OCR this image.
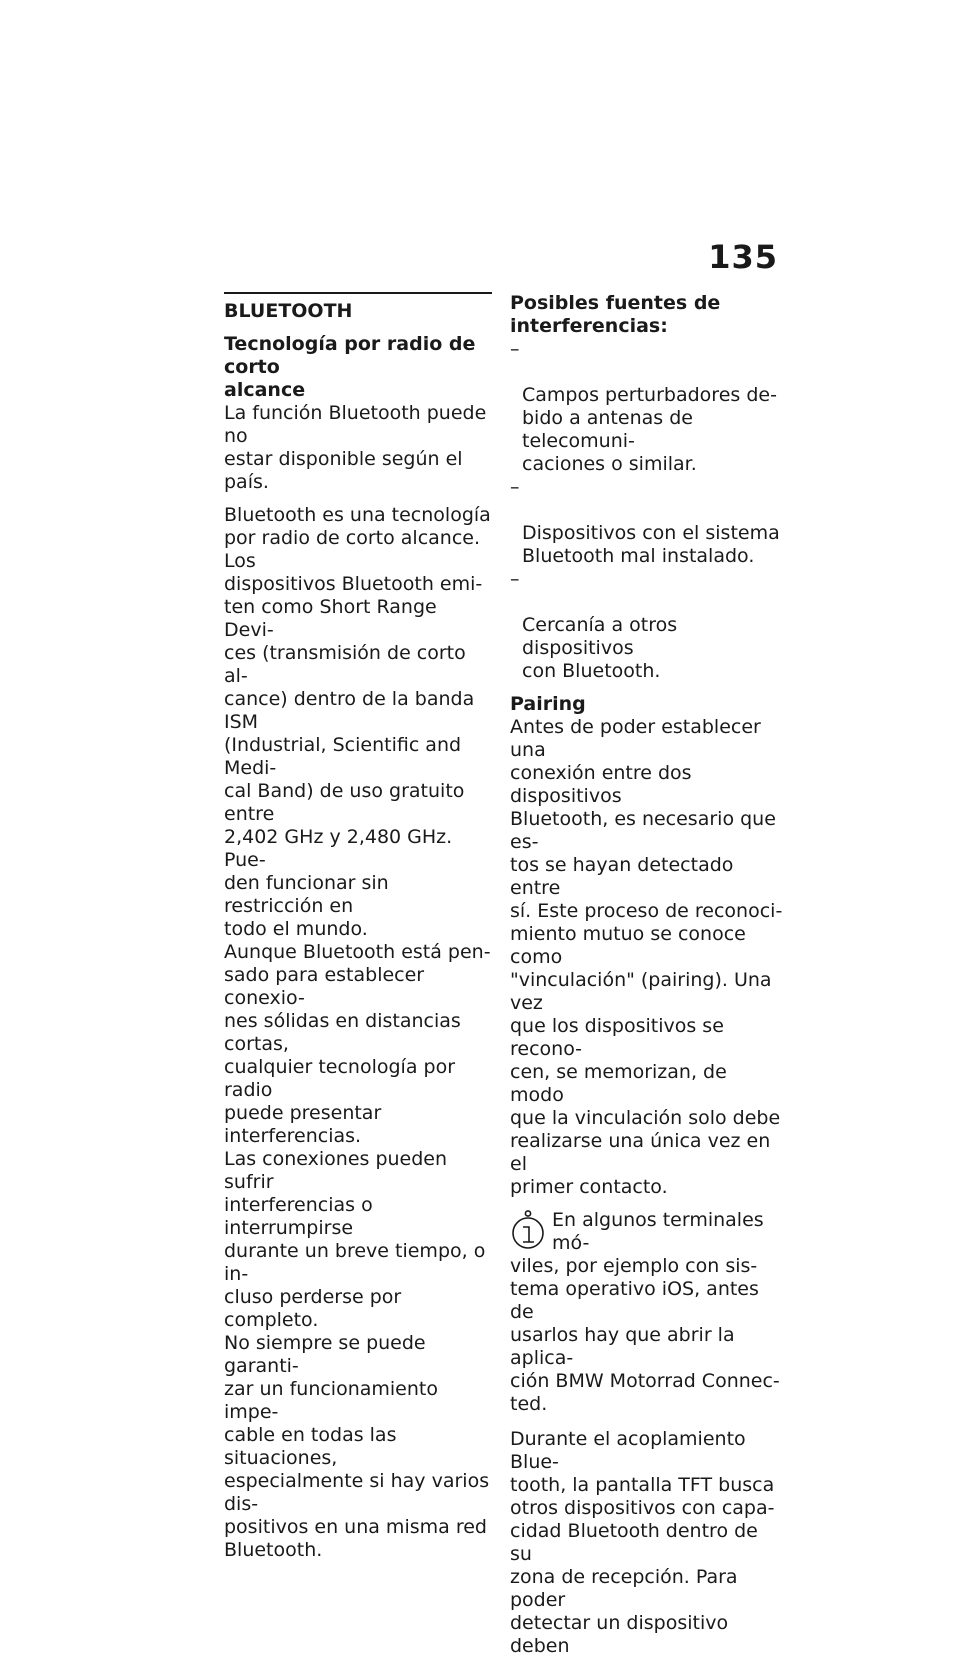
135
BLUETOOTH
Tecnología por radio de corto
alcance

La función Bluetooth puede no
estar disponible según el país.

Bluetooth es una tecnología
por radio de corto alcance. Los
dispositivos Bluetooth emi-
ten como Short Range Devi-
ces (transmisión de corto al-
cance) dentro de la banda ISM
(Industrial, Scientific and Medi-
cal Band) de uso gratuito entre
2,402 GHz y 2,480 GHz. Pue-
den funcionar sin restricción en
todo el mundo.

Aunque Bluetooth está pen-
sado para establecer conexio-
nes sólidas en distancias cortas,
cualquier tecnología por radio
puede presentar interferencias.
Las conexiones pueden sufrir
interferencias o interrumpirse
durante un breve tiempo, o in-
cluso perderse por completo.
No siempre se puede garanti-
zar un funcionamiento impe-
cable en todas las situaciones,
especialmente si hay varios dis-
positivos en una misma red
Bluetooth.

Posibles fuentes de
interferencias:

–

Campos perturbadores de-
bido a antenas de telecomuni-
caciones o similar.

–

Dispositivos con el sistema
Bluetooth mal instalado.

–

Cercanía a otros dispositivos
con Bluetooth.

Pairing

Antes de poder establecer una
conexión entre dos dispositivos
Bluetooth, es necesario que es-
tos se hayan detectado entre
sí. Este proceso de reconoci-
miento mutuo se conoce como
"vinculación" (pairing). Una vez
que los dispositivos se recono-
cen, se memorizan, de modo
que la vinculación solo debe
realizarse una única vez en el
primer contacto.

En algunos terminales mó-
viles, por ejemplo con sis-
tema operativo iOS, antes de
usarlos hay que abrir la aplica-
ción BMW Motorrad Connec-
ted.

Durante el acoplamiento Blue-
tooth, la pantalla TFT busca
otros dispositivos con capa-
cidad Bluetooth dentro de su
zona de recepción. Para poder
detectar un dispositivo deben
